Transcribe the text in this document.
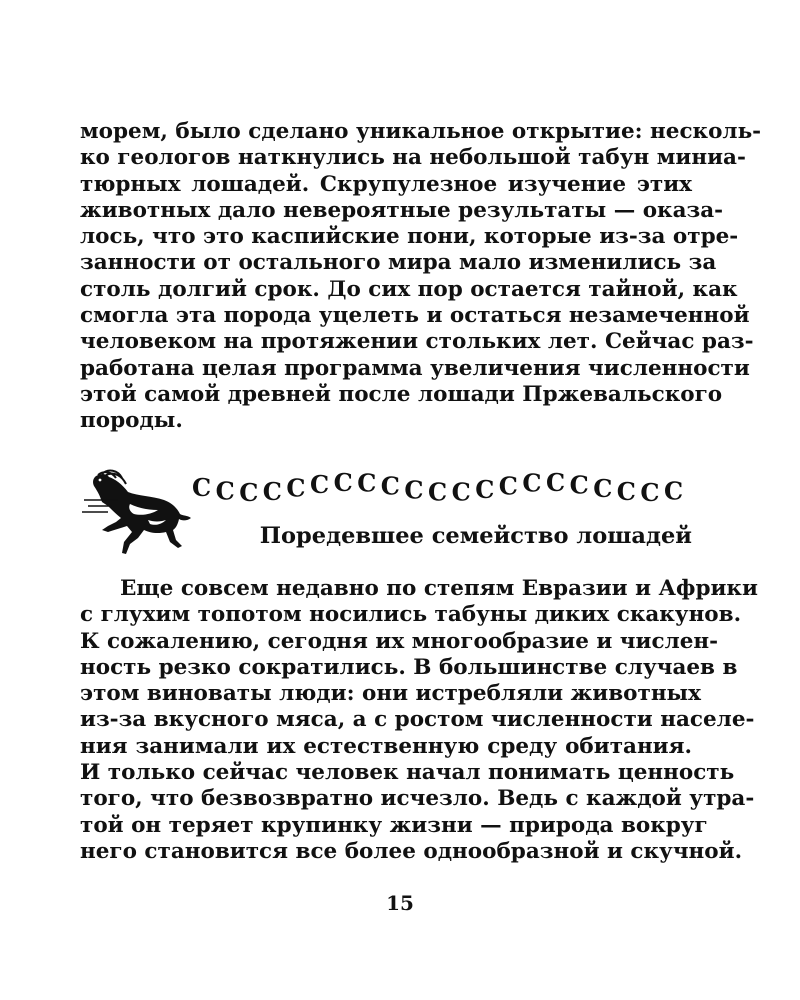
морем, было сделано уникальное открытие: несколь-
ко геологов наткнулись на небольшой табун миниа-
тюрных лошадей. Скрупулезное изучение этих
животных дало невероятные результаты — оказа-
лось, что это каспийские пони, которые из-за отре-
занности от остального мира мало изменились за
столь долгий срок. До сих пор остается тайной, как
смогла эта порода уцелеть и остаться незамеченной
человеком на протяжении стольких лет. Сейчас раз-
работана целая программа увеличения численности
этой самой древней после лошади Пржевальского
породы.
С С С С С С С С С С С С С С С С С С С С С

Поредевшее семейство лошадей

Еще совсем недавно по степям Евразии и Африки
с глухим топотом носились табуны диких скакунов.
К сожалению, сегодня их многообразие и числен-
ность резко сократились. В большинстве случаев в
этом виноваты люди: они истребляли животных
из-за вкусного мяса, а с ростом численности населе-
ния занимали их естественную среду обитания.
И только сейчас человек начал понимать ценность
того, что безвозвратно исчезло. Ведь с каждой утра-
той он теряет крупинку жизни — природа вокруг
него становится все более однообразной и скучной.

15
